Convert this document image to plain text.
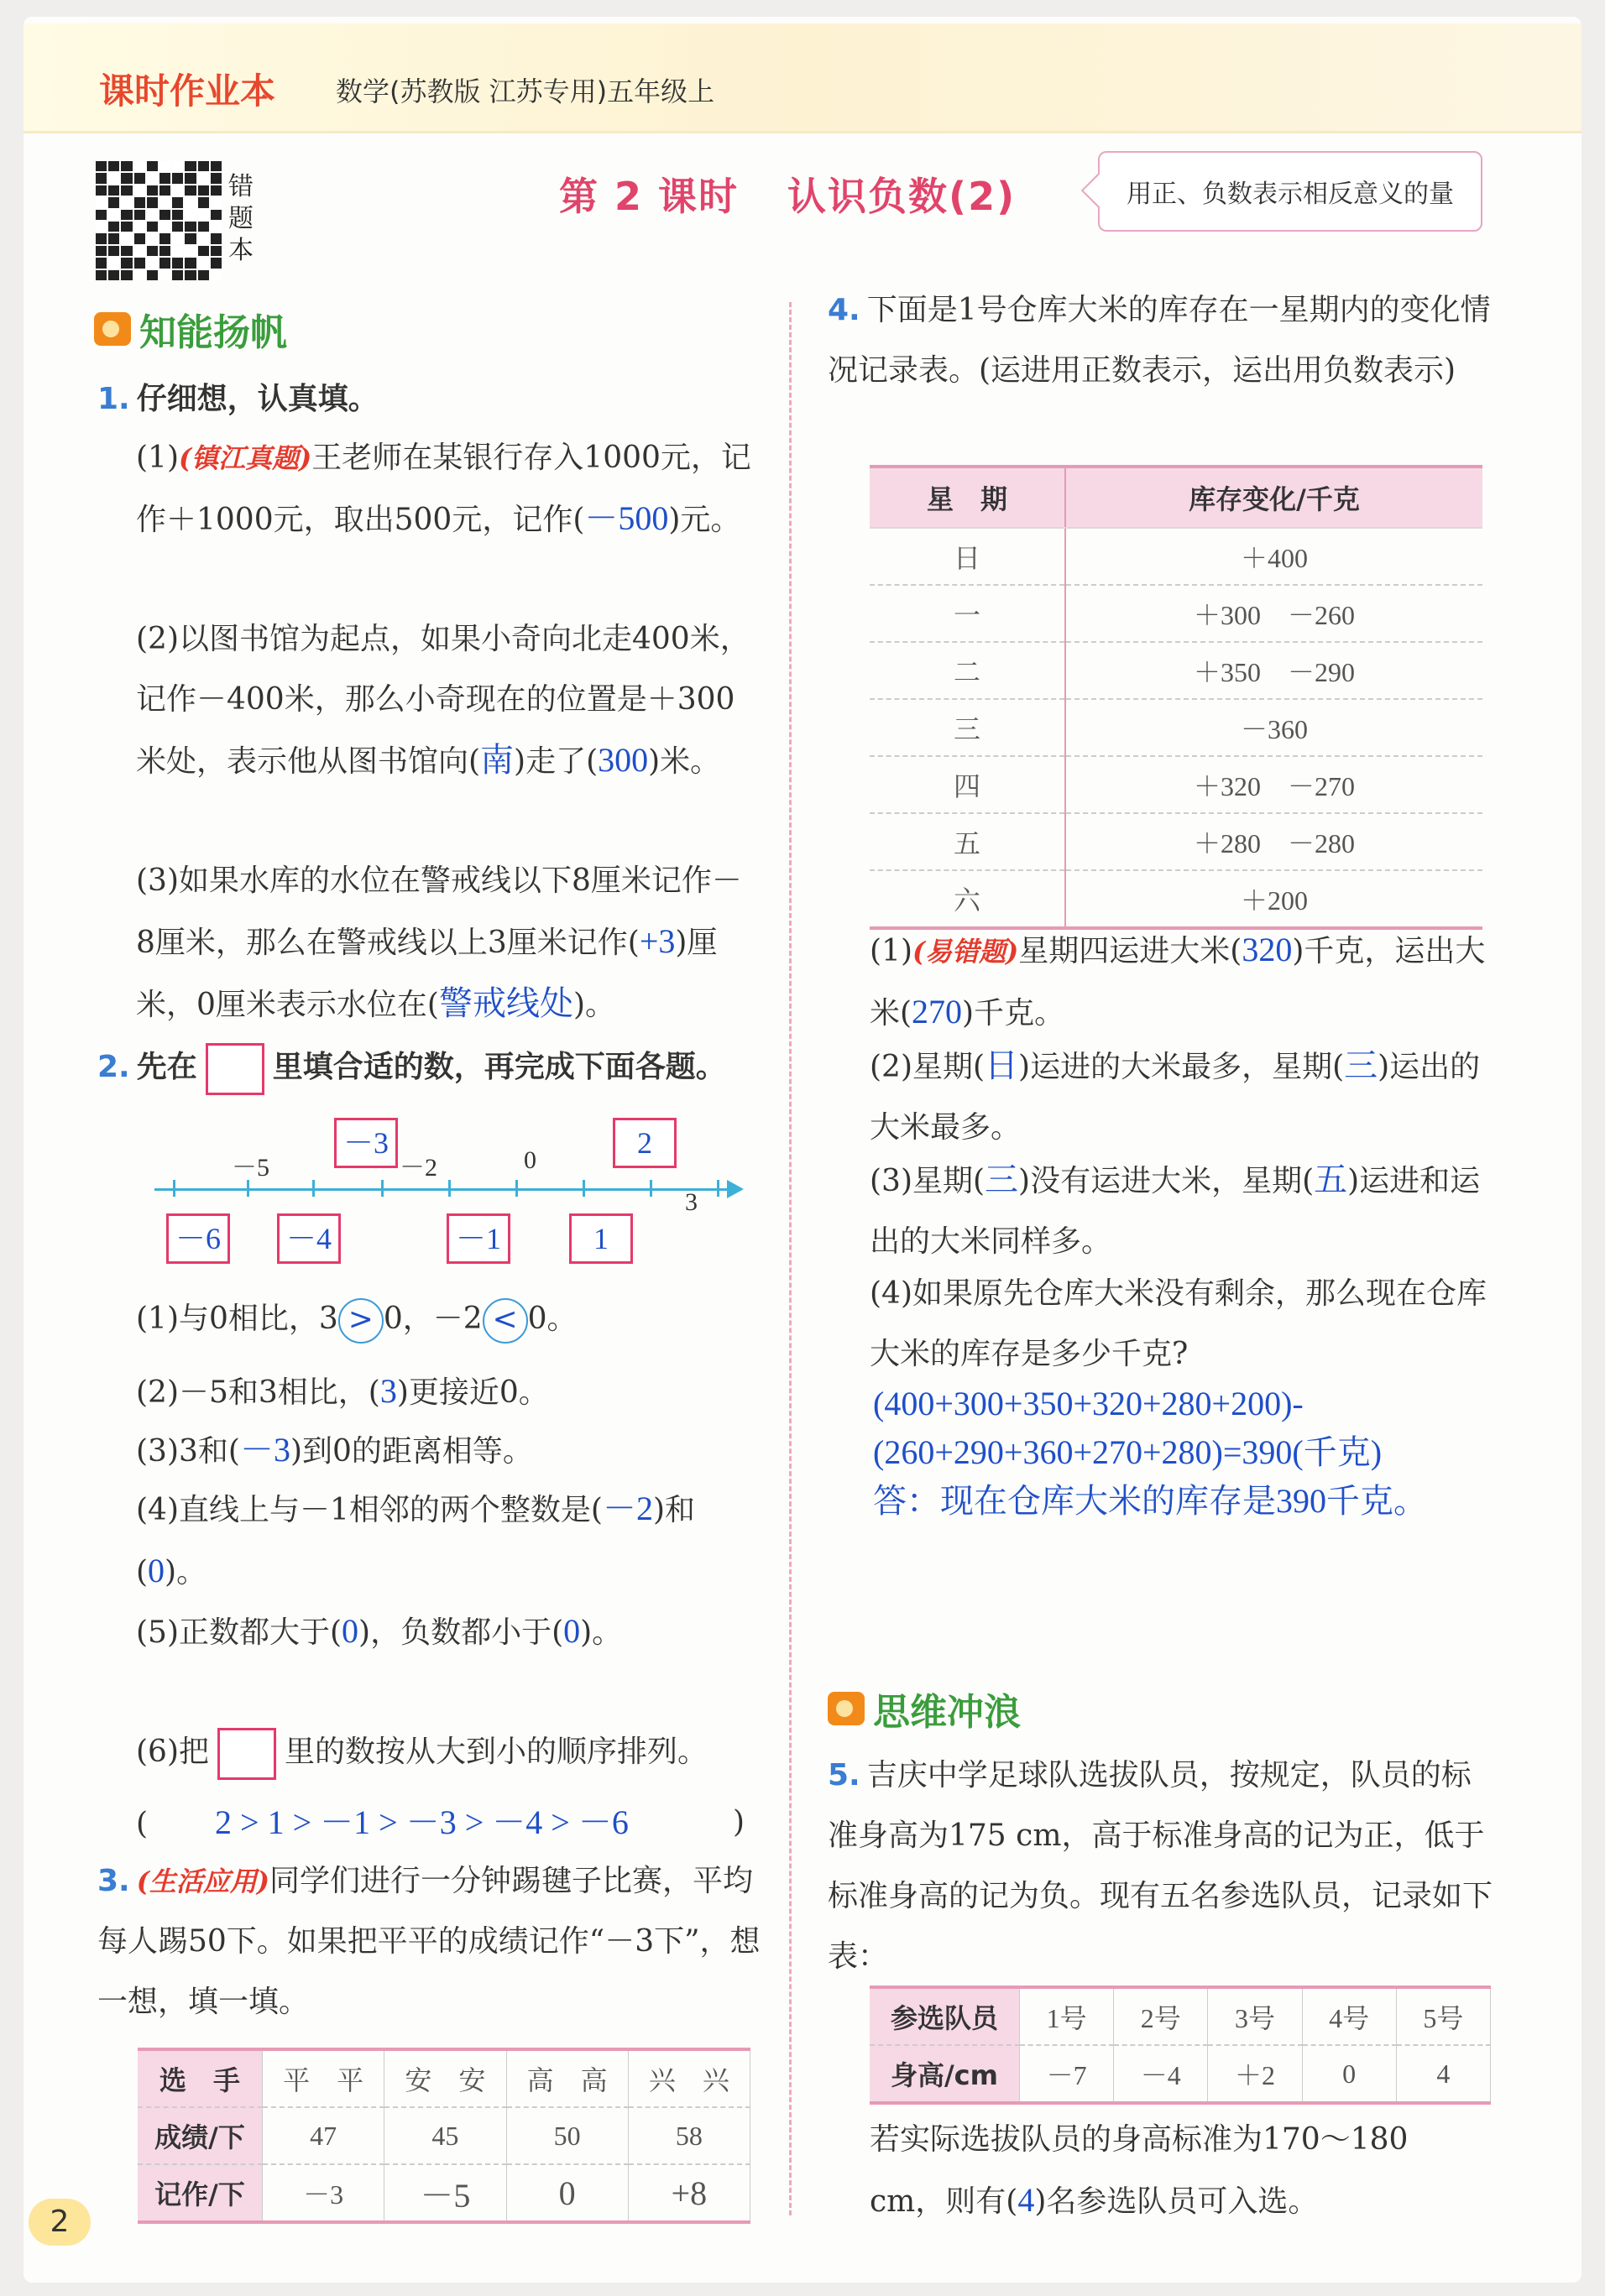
课时作业本 数学(苏教版 江苏专用)五年级上
错题本
第 2 课时 认识负数(2)	用正、负数表示相反意义的量
知能扬帆
1. 仔细想，认真填。
(1)(镇江真题)王老师在某银行存入1000元，记作＋1000元，取出500元，记作(－500)元。
(2)以图书馆为起点，如果小奇向北走400米，记作－400米，那么小奇现在的位置是＋300米处，表示他从图书馆向(南)走了(300)米。
(3)如果水库的水位在警戒线以下8厘米记作－8厘米，那么在警戒线以上3厘米记作(+3)厘米，0厘米表示水位在(警戒线处)。
2. 先在	里填合适的数，再完成下面各题。
－5	－2	0
3
－6	－4
－3
－1	1
2
(1)与0相比，3 > 0，－2 < 0。
(2)－5和3相比，(3)更接近0。
(3)3和(－3)到0的距离相等。
(4)直线上与－1相邻的两个整数是(－2)和(0)。
(5)正数都大于(0)，负数都小于(0)。
(6)把	里的数按从大到小的顺序排列。
( 2 > 1 > －1 > －3 > －4 > －6	)
3. (生活应用)同学们进行一分钟踢毽子比赛，平均每人踢50下。如果把平平的成绩记作“－3下”，想一想，填一填。
选　手	平　平	安　安	高　高	兴　兴
成绩/下	47	45	50	58
记作/下	－3	－5	0	+8
4. 下面是1号仓库大米的库存在一星期内的变化情况记录表。(运进用正数表示，运出用负数表示)
星　期	库存变化/千克
日	＋400
一	＋300　－260
二	＋350　－290
三	－360
四	＋320　－270
五	＋280　－280
六	＋200
(1)(易错题)星期四运进大米(320)千克，运出大米(270)千克。
(2)星期(日)运进的大米最多，星期(三)运出的大米最多。
(3)星期(三)没有运进大米，星期(五)运进和运出的大米同样多。
(4)如果原先仓库大米没有剩余，那么现在仓库大米的库存是多少千克?
(400+300+350+320+280+200)-
(260+290+360+270+280)=390(千克)
答：现在仓库大米的库存是390千克。
思维冲浪
5. 吉庆中学足球队选拔队员，按规定，队员的标准身高为175 cm，高于标准身高的记为正，低于标准身高的记为负。现有五名参选队员，记录如下表：
参选队员	1号	2号	3号	4号	5号
身高/cm	－7	－4	＋2	0	4
若实际选拔队员的身高标准为170～180 cm，则有(4)名参选队员可入选。
2
